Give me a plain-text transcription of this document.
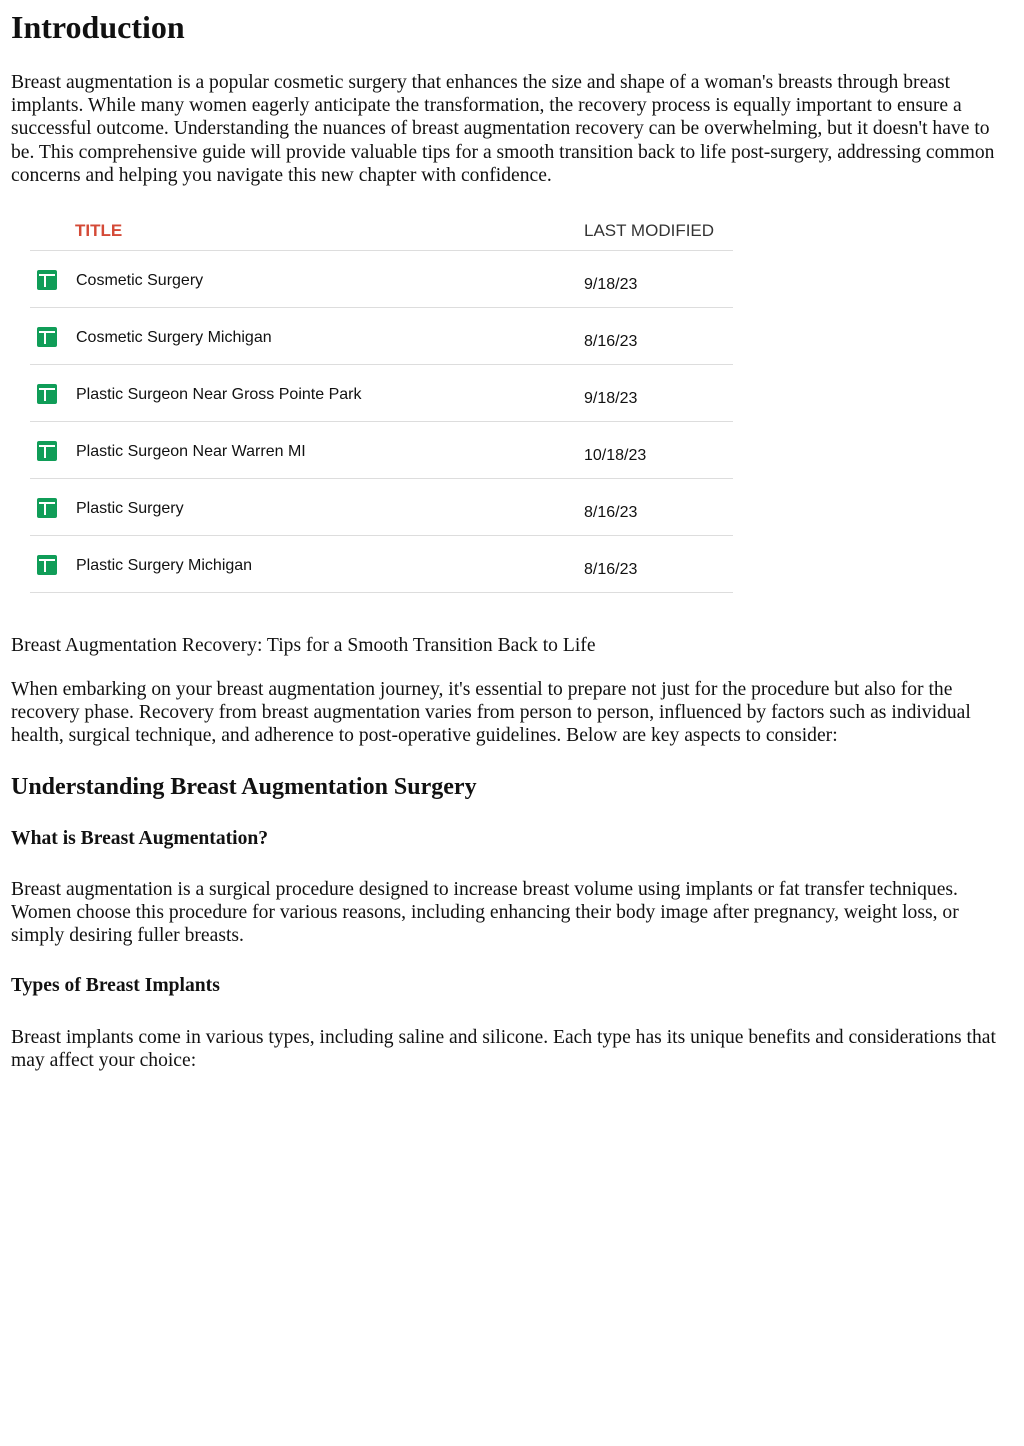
Introduction

Breast augmentation is a popular cosmetic surgery that enhances the size and shape of a woman's breasts through breast implants. While many women eagerly anticipate the transformation, the recovery process is equally important to ensure a successful outcome. Understanding the nuances of breast augmentation recovery can be overwhelming, but it doesn't have to be. This comprehensive guide will provide valuable tips for a smooth transition back to life post-surgery, addressing common concerns and helping you navigate this new chapter with confidence.

TITLE	LAST MODIFIED
Cosmetic Surgery	9/18/23
Cosmetic Surgery Michigan	8/16/23
Plastic Surgeon Near Gross Pointe Park	9/18/23
Plastic Surgeon Near Warren MI	10/18/23
Plastic Surgery	8/16/23
Plastic Surgery Michigan	8/16/23

Breast Augmentation Recovery: Tips for a Smooth Transition Back to Life

When embarking on your breast augmentation journey, it's essential to prepare not just for the procedure but also for the recovery phase. Recovery from breast augmentation varies from person to person, influenced by factors such as individual health, surgical technique, and adherence to post-operative guidelines. Below are key aspects to consider:

Understanding Breast Augmentation Surgery
What is Breast Augmentation?

Breast augmentation is a surgical procedure designed to increase breast volume using implants or fat transfer techniques. Women choose this procedure for various reasons, including enhancing their body image after pregnancy, weight loss, or simply desiring fuller breasts.

Types of Breast Implants

Breast implants come in various types, including saline and silicone. Each type has its unique benefits and considerations that may affect your choice:
